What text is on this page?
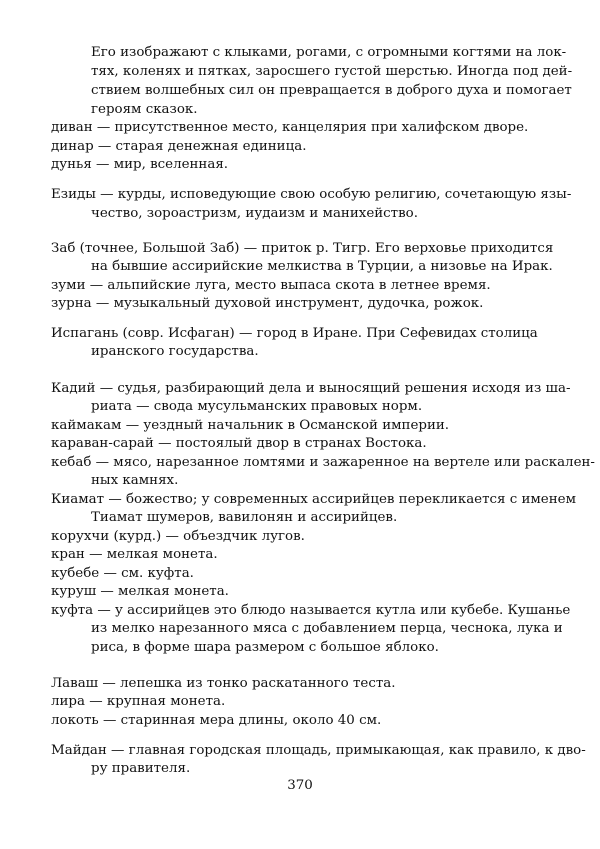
Его изображают с клыками, рогами, с огромными когтями на лок-
тях, коленях и пятках, заросшего густой шерстью. Иногда под дей-
ствием волшебных сил он превращается в доброго духа и помогает
героям сказок.
диван — присутственное место, канцелярия при халифском дворе.
динар — старая денежная единица.
дунья — мир, вселенная.
Езиды — курды, исповедующие свою особую религию, сочетающую язы-
чество, зороастризм, иудаизм и манихейство.
Заб (точнее, Большой Заб) — приток р. Тигр. Его верховье приходится
на бывшие ассирийские мелкиства в Турции, а низовье на Ирак.
зуми — альпийские луга, место выпаса скота в летнее время.
зурна — музыкальный духовой инструмент, дудочка, рожок.
Испагань (совр. Исфаган) — город в Иране. При Сефевидах столица
иранского государства.
Кадий — судья, разбирающий дела и выносящий решения исходя из ша-
риата — свода мусульманских правовых норм.
каймакам — уездный начальник в Османской империи.
караван-сарай — постоялый двор в странах Востока.
кебаб — мясо, нарезанное ломтями и зажаренное на вертеле или раскален-
ных камнях.
Киамат — божество; у современных ассирийцев перекликается с именем
Тиамат шумеров, вавилонян и ассирийцев.
корухчи (курд.) — объездчик лугов.
кран — мелкая монета.
кубебе — см. куфта.
куруш — мелкая монета.
куфта — у ассирийцев это блюдо называется кутла или кубебе. Кушанье
из мелко нарезанного мяса с добавлением перца, чеснока, лука и
риса, в форме шара размером с большое яблоко.
Лаваш — лепешка из тонко раскатанного теста.
лира — крупная монета.
локоть — старинная мера длины, около 40 см.
Майдан — главная городская площадь, примыкающая, как правило, к дво-
ру правителя.
370
